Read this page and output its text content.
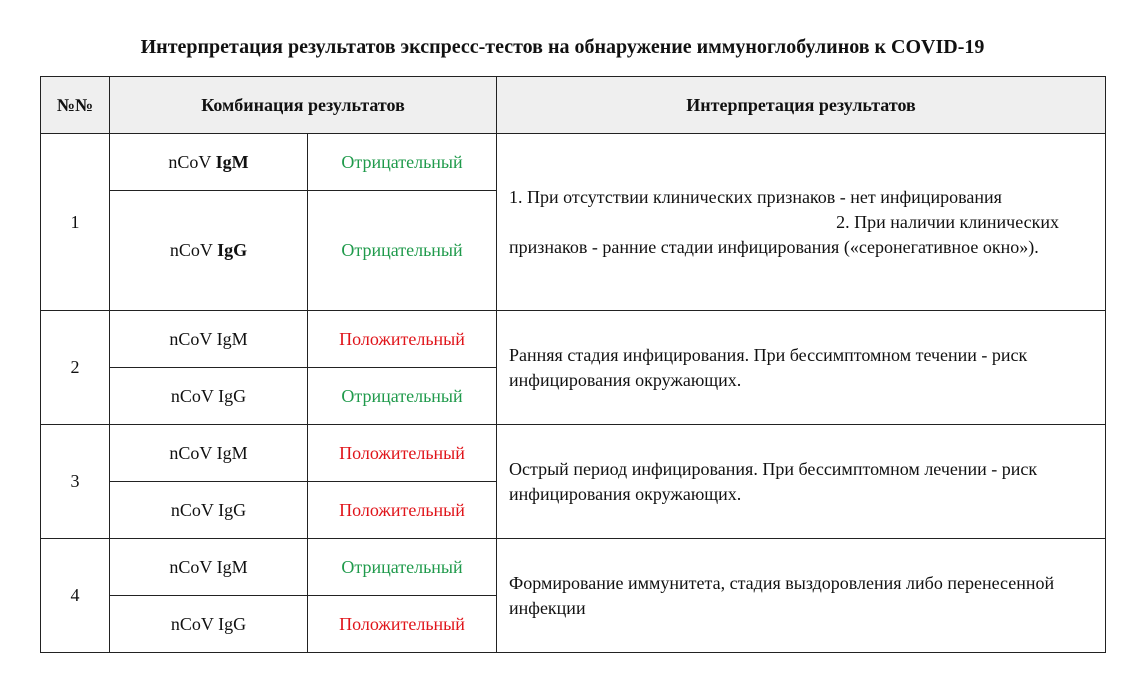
Интерпретация результатов экспресс-тестов на обнаружение иммуноглобулинов к COVID-19
№№	Комбинация результатов		Интерпретация результатов
1	nCoV IgM	Отрицательный	1. При отсутствии клинических признаков - нет инфицирования
2. При наличии клинических
признаков - ранние стадии инфицирования («серонегативное окно»).

	nCoV IgG	Отрицательный	
2	nCoV IgM	Положительный	Ранняя стадия инфицирования. При бессимптомном течении - риск инфицирования окружающих.
	nCoV IgG	Отрицательный	
3	nCoV IgM	Положительный	Острый период инфицирования. При бессимптомном лечении - риск инфицирования окружающих.
	nCoV IgG	Положительный	
4	nCoV IgM	Отрицательный	Формирование иммунитета, стадия выздоровления либо перенесенной инфекции
	nCoV IgG	Положительный	
